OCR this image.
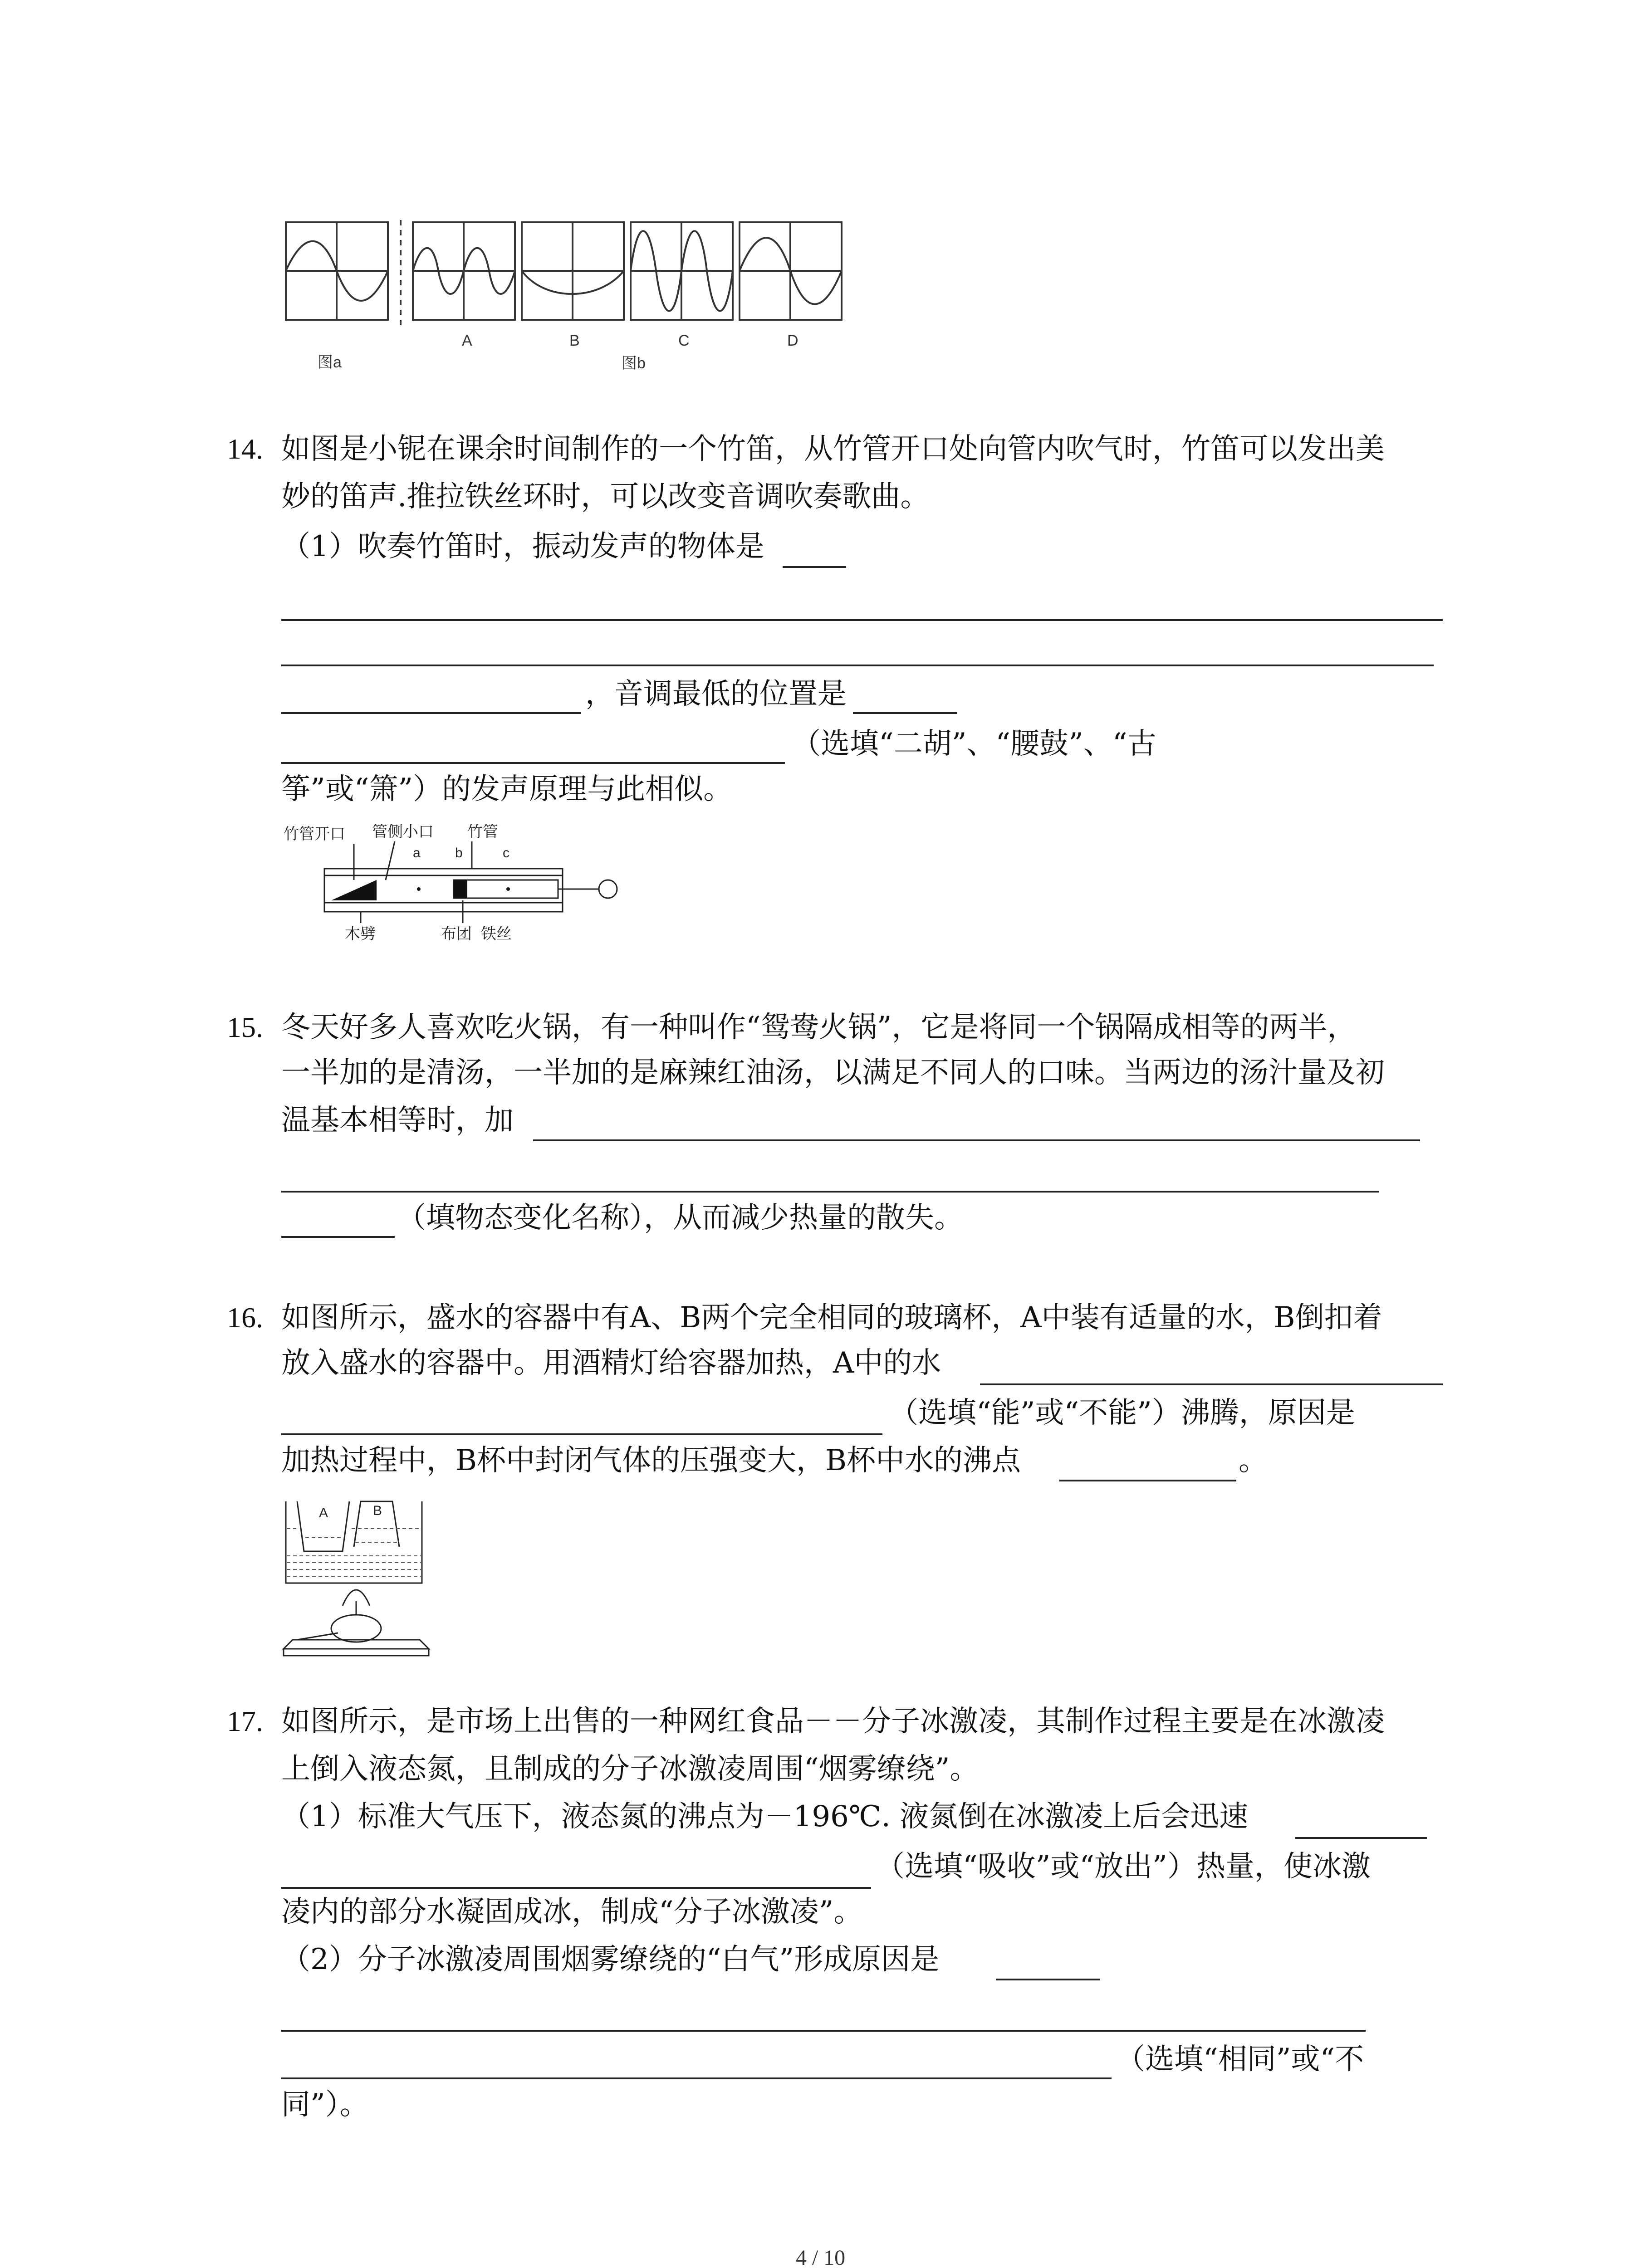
图a
A	B	C	D
图b
14. 如图是小铌在课余时间制作的一个竹笛，从竹管开口处向管内吹气时，竹笛可以发出美
妙的笛声.推拉铁丝环时，可以改变音调吹奏歌曲。
（1）吹奏竹笛时，振动发声的物体是
，音调最低的位置是
（选填“二胡”、“腰鼓”、“古
筝”或“箫”）的发声原理与此相似。
竹管开口 管侧小口 竹管
a	b	c
木劈	布团 铁丝
15. 冬天好多人喜欢吃火锅，有一种叫作“鸳鸯火锅”，它是将同一个锅隔成相等的两半，
一半加的是清汤，一半加的是麻辣红油汤，以满足不同人的口味。当两边的汤汁量及初
温基本相等时，加
（填物态变化名称），从而减少热量的散失。
16. 如图所示，盛水的容器中有A、B两个完全相同的玻璃杯，A中装有适量的水，B倒扣着
放入盛水的容器中。用酒精灯给容器加热，A中的水
（选填“能”或“不能”）沸腾，原因是
加热过程中，B杯中封闭气体的压强变大，B杯中水的沸点	。
A	B
17. 如图所示，是市场上出售的一种网红食品－－分子冰激凌，其制作过程主要是在冰激凌
上倒入液态氮，且制成的分子冰激凌周围“烟雾缭绕”。
（1）标准大气压下，液态氮的沸点为－196℃. 液氮倒在冰激凌上后会迅速
（选填“吸收”或“放出”）热量，使冰激
凌内的部分水凝固成冰，制成“分子冰激凌”。
（2）分子冰激凌周围烟雾缭绕的“白气”形成原因是
（选填“相同”或“不
同”）。
4 / 10
